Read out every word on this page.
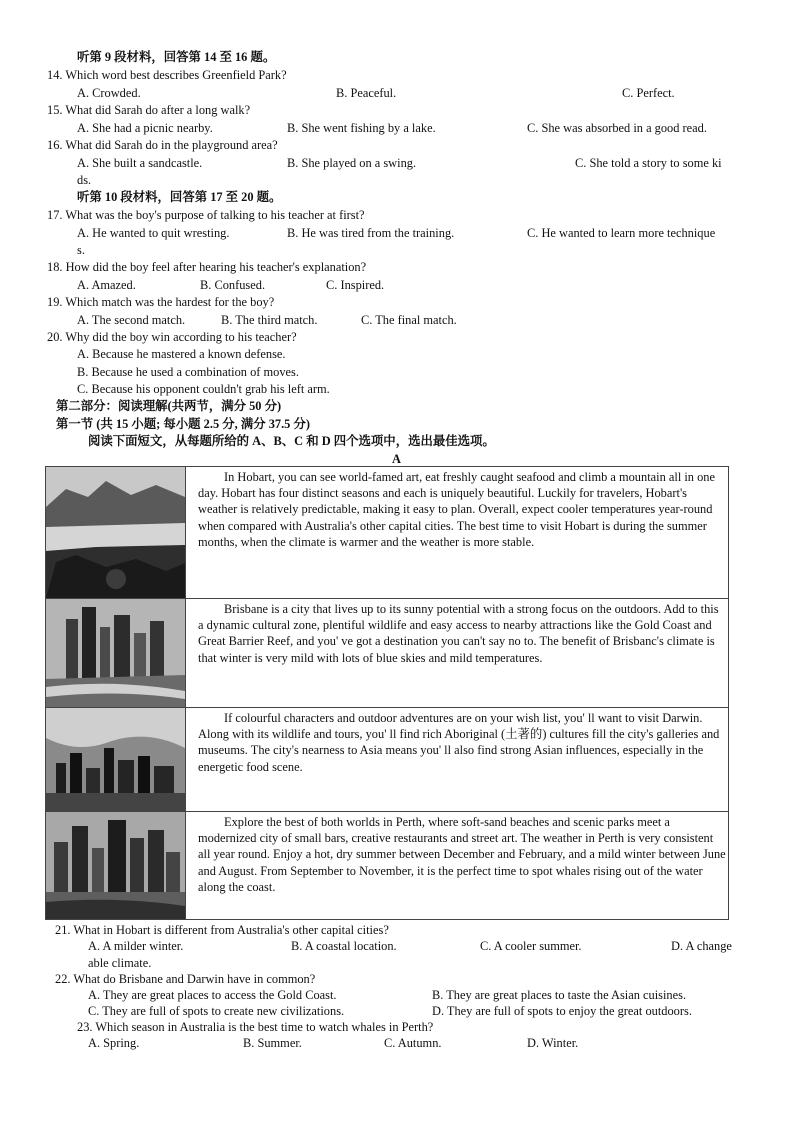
听第 9 段材料，回答第 14 至 16 题。
14. Which word best describes Greenfield Park?
A. Crowded.	B. Peaceful.	C. Perfect.
15. What did Sarah do after a long walk?
A. She had a picnic nearby.	B. She went fishing by a lake.	C. She was absorbed in a good read.
16. What did Sarah do in the playground area?
A. She built a sandcastle.	B. She played on a swing.	C. She told a story to some ki
ds.
听第 10 段材料，回答第 17 至 20 题。
17. What was the boy's purpose of talking to his teacher at first?
A. He wanted to quit wresting.	B. He was tired from the training.	C. He wanted to learn more technique
s.
18. How did the boy feel after hearing his teacher's explanation?
A. Amazed.	B. Confused.	C. Inspired.
19. Which match was the hardest for the boy?
A. The second match.	B. The third match.	C. The final match.
20. Why did the boy win according to his teacher?
A. Because he mastered a known defense.
B. Because he used a combination of moves.
C. Because his opponent couldn't grab his left arm.
第二部分：阅读理解(共两节，满分 50 分)
第一节 (共 15 小题; 每小题 2.5 分, 满分 37.5 分)
阅读下面短文，从每题所给的 A、B、C 和 D 四个选项中，选出最佳选项。
A
In Hobart, you can see world-famed art, eat freshly caught seafood and climb a mountain all in one day. Hobart has four distinct seasons and each is uniquely beautiful. Luckily for travelers, Hobart's weather is relatively predictable, making it easy to plan. Overall, expect cooler temperatures year-round when compared with Australia's other capital cities. The best time to visit Hobart is during the summer months, when the climate is warmer and the weather is more stable.
Brisbane is a city that lives up to its sunny potential with a strong focus on the outdoors. Add to this a dynamic cultural zone, plentiful wildlife and easy access to nearby attractions like the Gold Coast and Great Barrier Reef, and you' ve got a destination you can't say no to. The benefit of Brisbanc's climate is that winter is very mild with lots of blue skies and mild temperatures.
If colourful characters and outdoor adventures are on your wish list, you' ll want to visit Darwin. Along with its wildlife and tours, you' ll find rich Aboriginal (土著的) cultures fill the city's galleries and museums. The city's nearness to Asia means you' ll also find strong Asian influences, especially in the energetic food scene.
Explore the best of both worlds in Perth, where soft-sand beaches and scenic parks meet a modernized city of small bars, creative restaurants and street art. The weather in Perth is very consistent all year round. Enjoy a hot, dry summer between December and February, and a mild winter between June and August. From September to November, it is the perfect time to spot whales rising out of the water along the coast.
21. What in Hobart is different from Australia's other capital cities?
A. A milder winter.	B. A coastal location.	C. A cooler summer.	D. A change
able climate.
22. What do Brisbane and Darwin have in common?
A. They are great places to access the Gold Coast.	B. They are great places to taste the Asian cuisines.
C. They are full of spots to create new civilizations.	D. They are full of spots to enjoy the great outdoors.
23. Which season in Australia is the best time to watch whales in Perth?
A. Spring.	B. Summer.	C. Autumn.	D. Winter.
